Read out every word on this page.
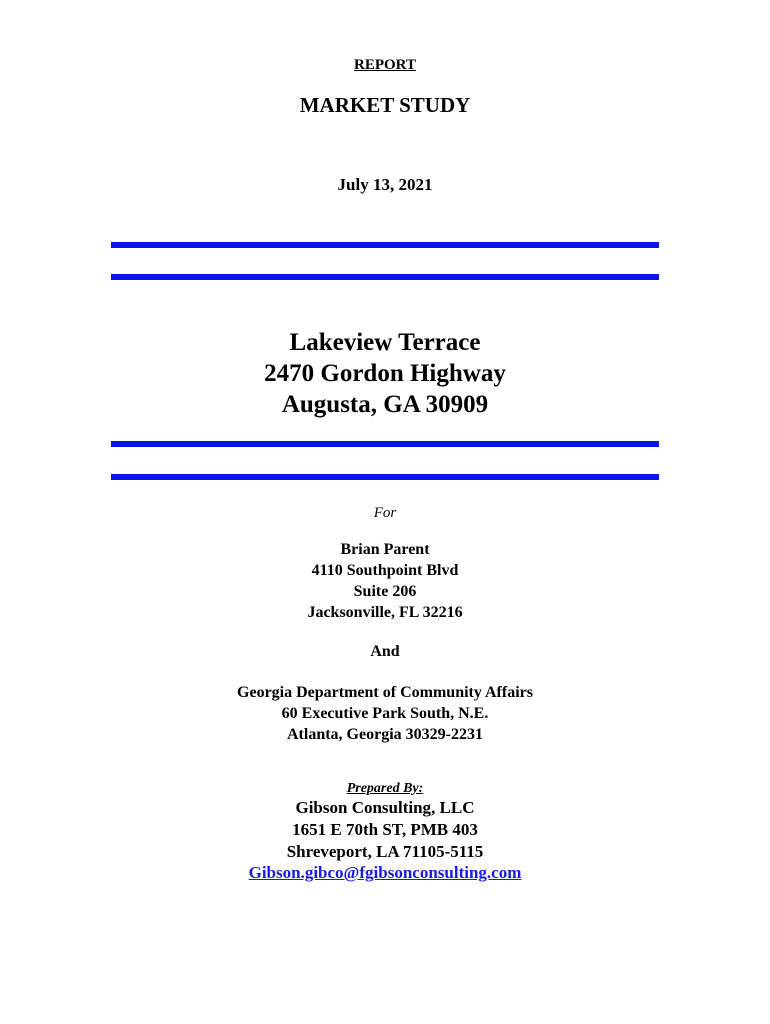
REPORT
MARKET STUDY
July 13, 2021
Lakeview Terrace
2470 Gordon Highway
Augusta, GA 30909
For
Brian Parent
4110 Southpoint Blvd
Suite 206
Jacksonville, FL 32216
And
Georgia Department of Community Affairs
60 Executive Park South, N.E.
Atlanta, Georgia 30329-2231
Prepared By:
Gibson Consulting, LLC
1651 E 70th ST, PMB 403
Shreveport, LA 71105-5115
Gibson.gibco@fgibsonconsulting.com
